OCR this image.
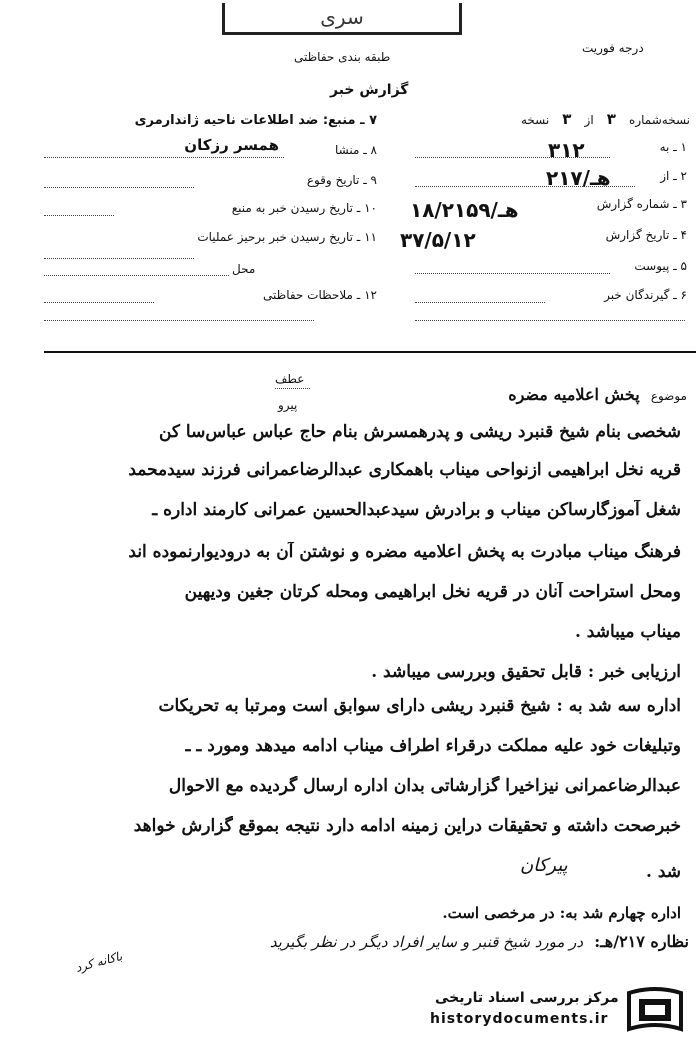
سری
درجه فوریت
طبقه بندی حفاظتی
گزارش خبر
نسخه‌شماره ۳ از ۳ نسخه
۱ ـ به
۳۱۲
۲ ـ از
۲۱۷/هـ
۳ ـ شماره گزارش
۱۸/هـ/۲۱۵۹
۴ ـ تاریخ گزارش
۳۷/۵/۱۲
۵ ـ پیوست
۶ ـ گیرندگان خبر
۷ ـ منبع: ضد اطلاعات ناحیه ژاندارمری
همسر رزکان	۸ ـ منشا
۹ ـ تاریخ وقوع
۱۰ ـ تاریخ رسیدن خبر به منبع
۱۱ ـ تاریخ رسیدن خبر برحیز عملیات
محل
۱۲ ـ ملاحظات حفاظتی
عطف
پیرو
موضوع پخش اعلامیه مضره
شخصی بنام شیخ قنبرد ریشی و پدرهمسرش بنام حاج عباس عباس‌سا کن
قریه نخل ابراهیمی ازنواحی میناب باهمکاری عبدالرضاعمرانی فرزند سیدمحمد
شغل آموزگارساکن میناب و برادرش سیدعبدالحسین عمرانی کارمند اداره ـ
فرهنگ میناب مبادرت به پخش اعلامیه مضره و نوشتن آن به درودیوارنموده اند
ومحل استراحت آنان در قریه نخل ابراهیمی ومحله کرتان جغین ودیهین
میناب میباشد .
ارزیابی خبر : قابل تحقیق وبررسی میباشد .
اداره سه شد به : شیخ قنبرد ریشی دارای سوابق است ومرتبا به تحریکات
وتبلیغات خود علیه مملکت درقراء اطراف میناب ادامه میدهد ومورد ـ ـ
عبدالرضاعمرانی نیزاخیرا گزارشاتی بدان اداره ارسال گردیده مع الاحوال
خبرصحت داشته و تحقیقات دراین زمینه ادامه دارد نتیجه بموقع گزارش خواهد
شد .
پیرکان
اداره چهارم شد به: در مرخصی است.
نظاره ۲۱۷/هـ: در مورد شیخ قنبر و سایر افراد دیگر در نظر بگیرید
باکانه کرد
مرکز بررسی اسناد تاریخی
historydocuments.ir
